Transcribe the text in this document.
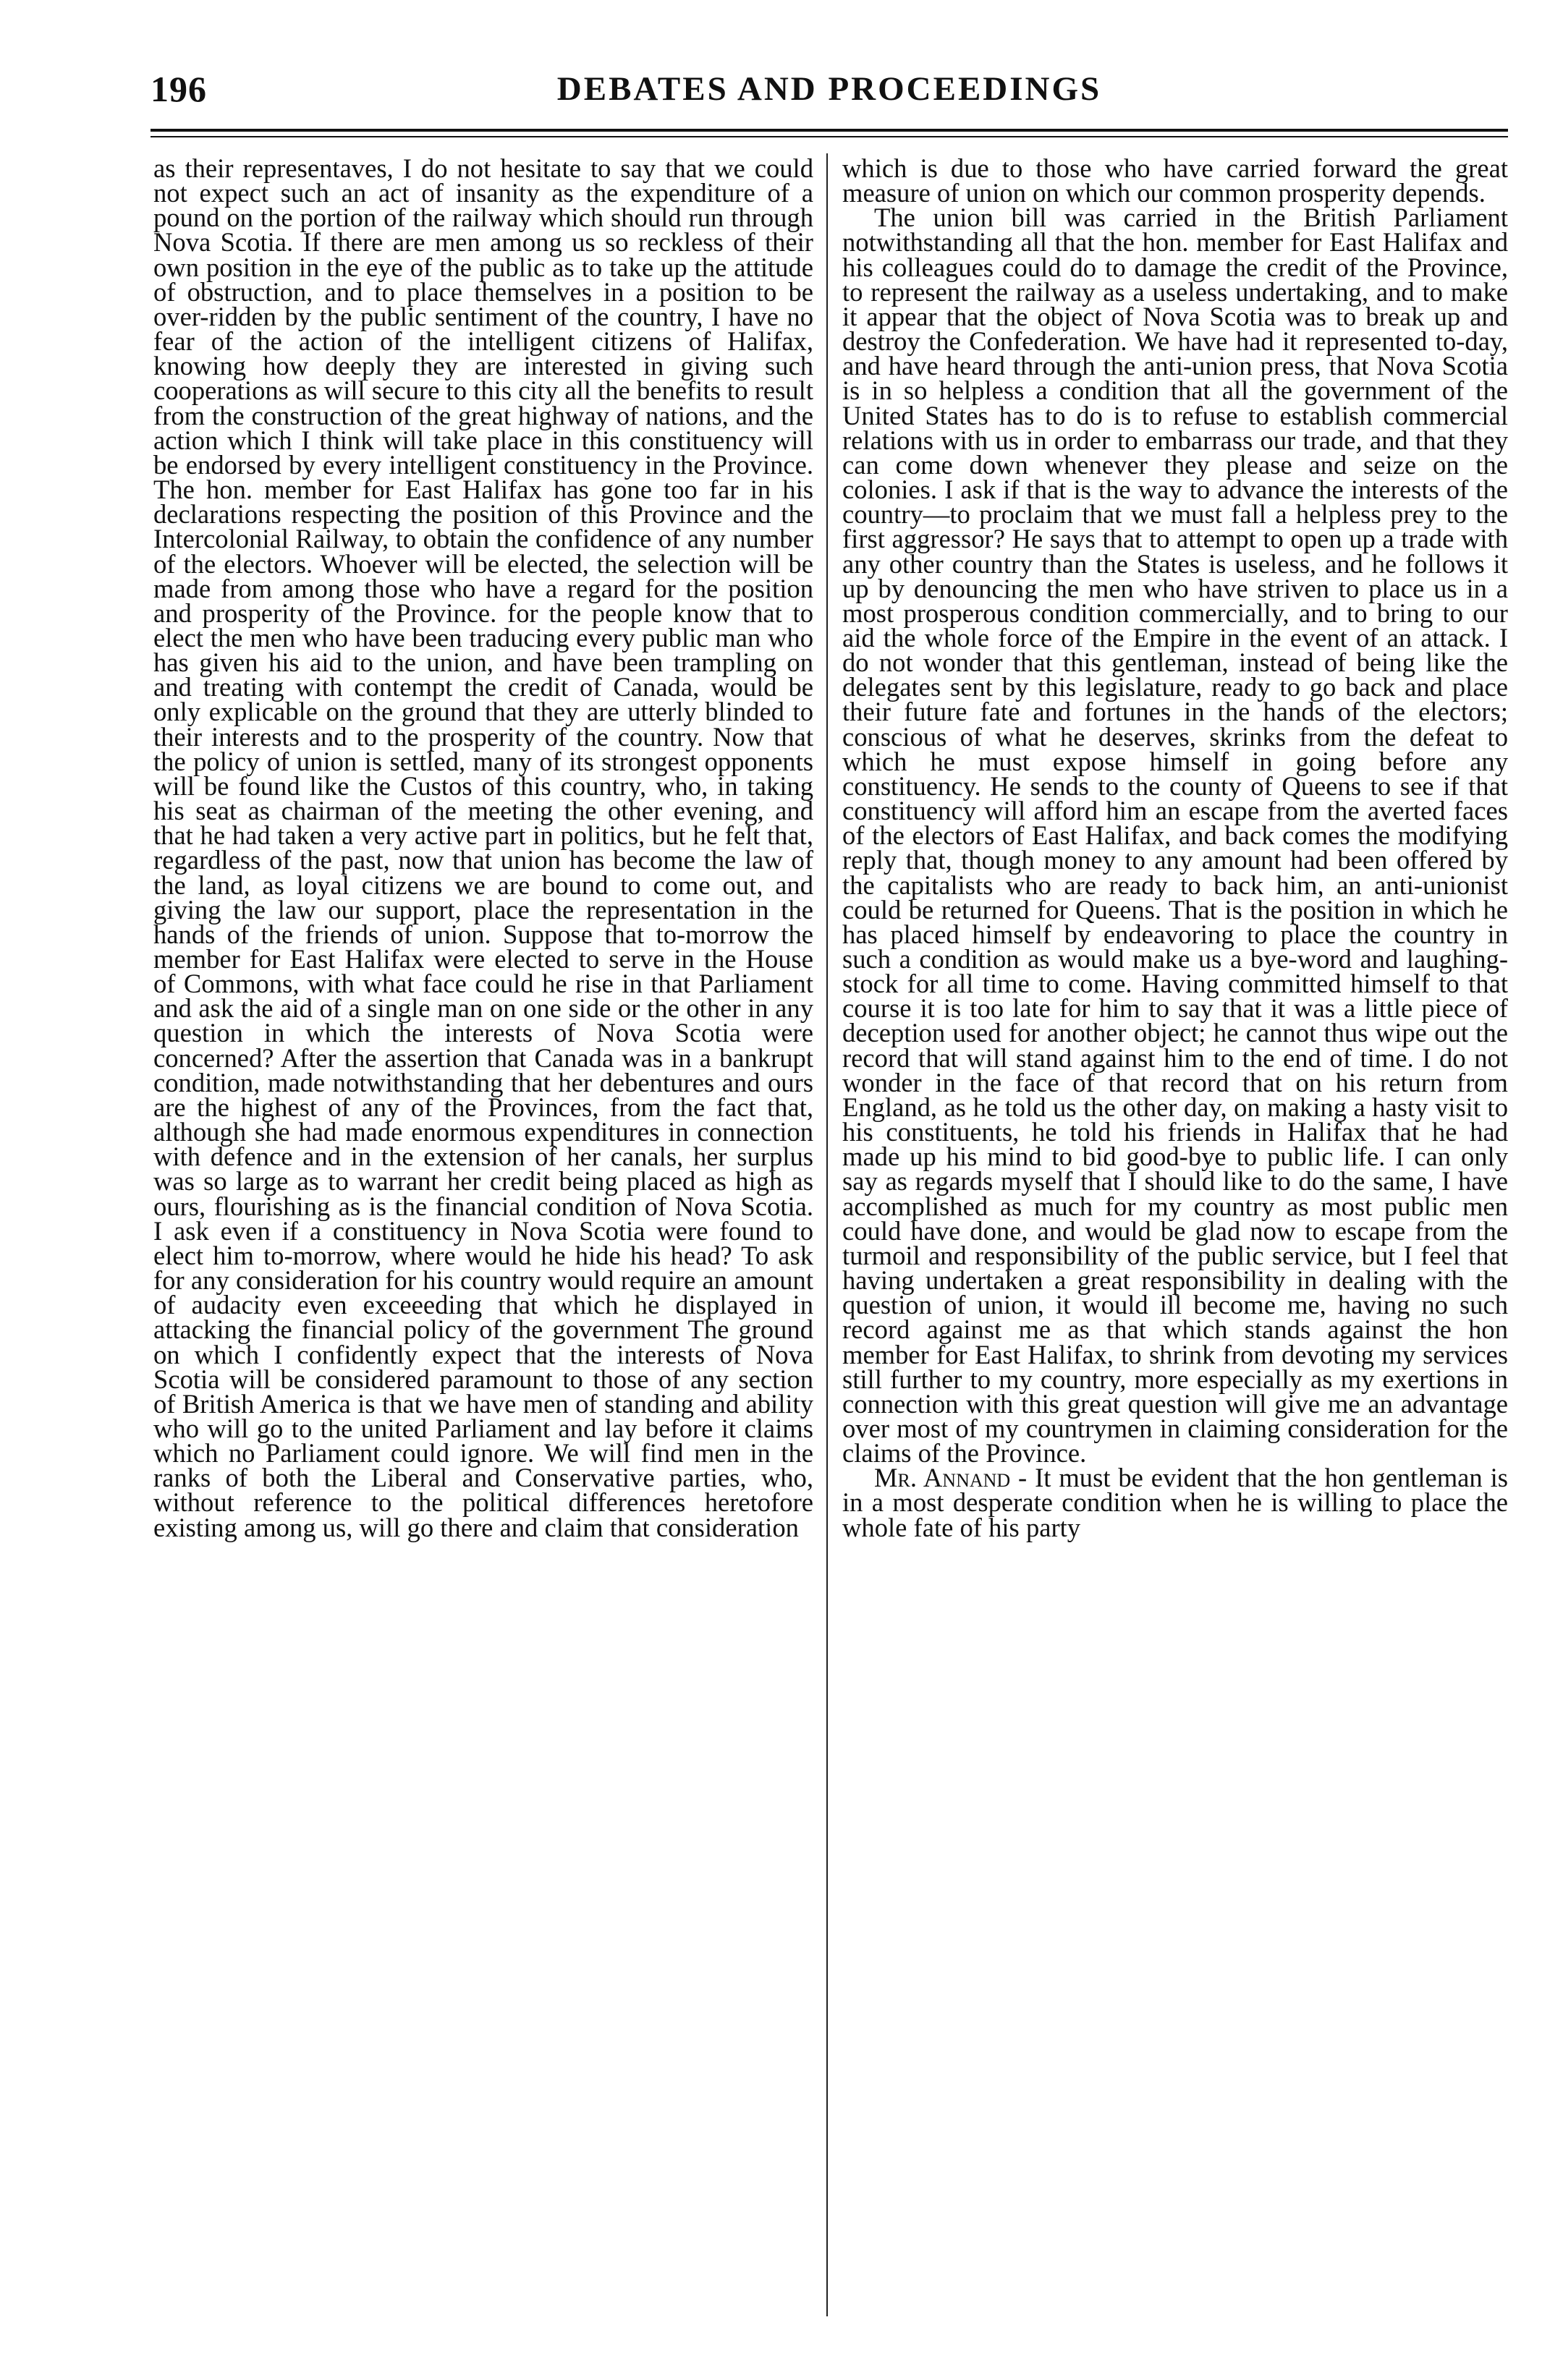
196	DEBATES AND PROCEEDINGS

as their representaves, I do not hesitate to say that we could not expect such an act of insanity as the expenditure of a pound on the portion of the railway which should run through Nova Scotia. If there are men among us so reckless of their own position in the eye of the public as to take up the attitude of obstruction, and to place themselves in a position to be over-ridden by the public sentiment of the country, I have no fear of the action of the intelligent citizens of Halifax, knowing how deeply they are interested in giving such cooperations as will secure to this city all the benefits to result from the construction of the great highway of nations, and the action which I think will take place in this constituency will be endorsed by every intelligent constituency in the Province. The hon. member for East Halifax has gone too far in his declarations respecting the position of this Province and the Intercolonial Railway, to obtain the confidence of any number of the electors. Whoever will be elected, the selection will be made from among those who have a regard for the position and prosperity of the Province. for the people know that to elect the men who have been traducing every public man who has given his aid to the union, and have been trampling on and treating with contempt the credit of Canada, would be only explicable on the ground that they are utterly blinded to their interests and to the prosperity of the country. Now that the policy of union is settled, many of its strongest opponents will be found like the Custos of this country, who, in taking his seat as chairman of the meeting the other evening, and that he had taken a very active part in politics, but he felt that, regardless of the past, now that union has become the law of the land, as loyal citizens we are bound to come out, and giving the law our support, place the representation in the hands of the friends of union. Suppose that to-morrow the member for East Halifax were elected to serve in the House of Commons, with what face could he rise in that Parliament and ask the aid of a single man on one side or the other in any question in which the interests of Nova Scotia were concerned? After the assertion that Canada was in a bankrupt condition, made notwithstanding that her debentures and ours are the highest of any of the Provinces, from the fact that, although she had made enormous expenditures in connection with defence and in the extension of her canals, her surplus was so large as to warrant her credit being placed as high as ours, flourishing as is the financial condition of Nova Scotia. I ask even if a constituency in Nova Scotia were found to elect him to-morrow, where would he hide his head? To ask for any consideration for his country would require an amount of audacity even exceeeding that which he displayed in attacking the financial policy of the government The ground on which I confidently expect that the interests of Nova Scotia will be considered paramount to those of any section of British America is that we have men of standing and ability who will go to the united Parliament and lay before it claims which no Parliament could ignore. We will find men in the ranks of both the Liberal and Conservative parties, who, without reference to the political differences heretofore existing among us, will go there and claim that consideration

which is due to those who have carried forward the great measure of union on which our common prosperity depends.

The union bill was carried in the British Parliament notwithstanding all that the hon. member for East Halifax and his colleagues could do to damage the credit of the Province, to represent the railway as a useless undertaking, and to make it appear that the object of Nova Scotia was to break up and destroy the Confederation. We have had it represented to-day, and have heard through the anti-union press, that Nova Scotia is in so helpless a condition that all the government of the United States has to do is to refuse to establish commercial relations with us in order to embarrass our trade, and that they can come down whenever they please and seize on the colonies. I ask if that is the way to advance the interests of the country—to proclaim that we must fall a helpless prey to the first aggressor? He says that to attempt to open up a trade with any other country than the States is useless, and he follows it up by denouncing the men who have striven to place us in a most prosperous condition commercially, and to bring to our aid the whole force of the Empire in the event of an attack. I do not wonder that this gentleman, instead of being like the delegates sent by this legislature, ready to go back and place their future fate and fortunes in the hands of the electors; conscious of what he deserves, skrinks from the defeat to which he must expose himself in going before any constituency. He sends to the county of Queens to see if that constituency will afford him an escape from the averted faces of the electors of East Halifax, and back comes the modifying reply that, though money to any amount had been offered by the capitalists who are ready to back him, an anti-unionist could be returned for Queens. That is the position in which he has placed himself by endeavoring to place the country in such a condition as would make us a bye-word and laughing-stock for all time to come. Having committed himself to that course it is too late for him to say that it was a little piece of deception used for another object; he cannot thus wipe out the record that will stand against him to the end of time. I do not wonder in the face of that record that on his return from England, as he told us the other day, on making a hasty visit to his constituents, he told his friends in Halifax that he had made up his mind to bid good-bye to public life. I can only say as regards myself that I should like to do the same, I have accomplished as much for my country as most public men could have done, and would be glad now to escape from the turmoil and responsibility of the public service, but I feel that having undertaken a great responsibility in dealing with the question of union, it would ill become me, having no such record against me as that which stands against the hon member for East Halifax, to shrink from devoting my services still further to my country, more especially as my exertions in connection with this great question will give me an advantage over most of my countrymen in claiming consideration for the claims of the Province.

Mr. Annand - It must be evident that the hon gentleman is in a most desperate condition when he is willing to place the whole fate of his party
